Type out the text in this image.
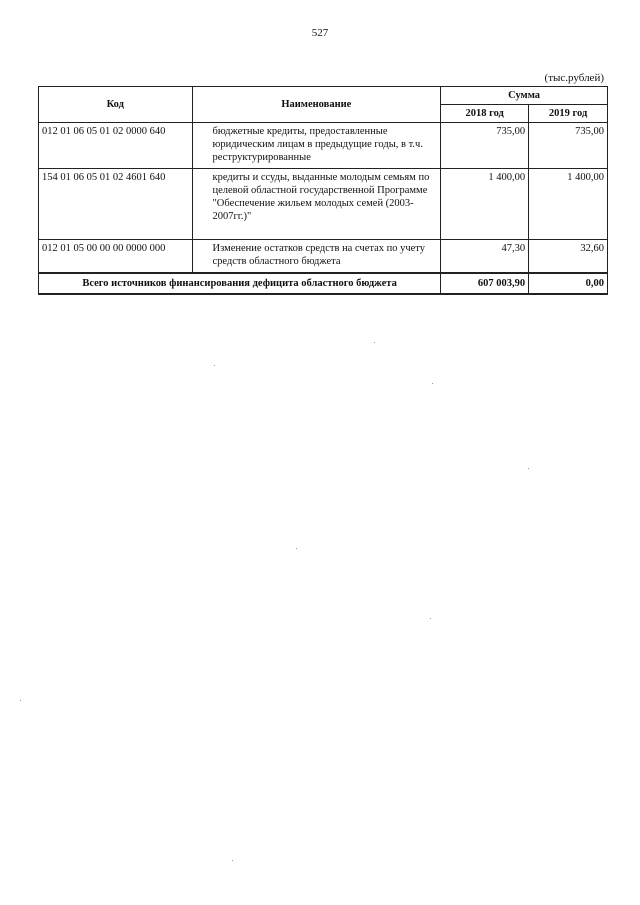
527
(тыс.рублей)
Код	Наименование	Сумма	
		2018 год	2019 год
012 01 06 05 01 02 0000 640	бюджетные кредиты, предоставленные юридическим лицам в предыдущие годы, в т.ч. реструктурированные	735,00	735,00
154 01 06 05 01 02 4601 640	кредиты и ссуды, выданные молодым семьям по целевой областной государственной Программе "Обеспечение жильем молодых семей (2003-2007гг.)"	1 400,00	1 400,00
012 01 05 00 00 00 0000 000	Изменение остатков средств на счетах по учету средств областного бюджета	47,30	32,60
Всего источников финансирования дефицита областного бюджета		607 003,90	0,00
